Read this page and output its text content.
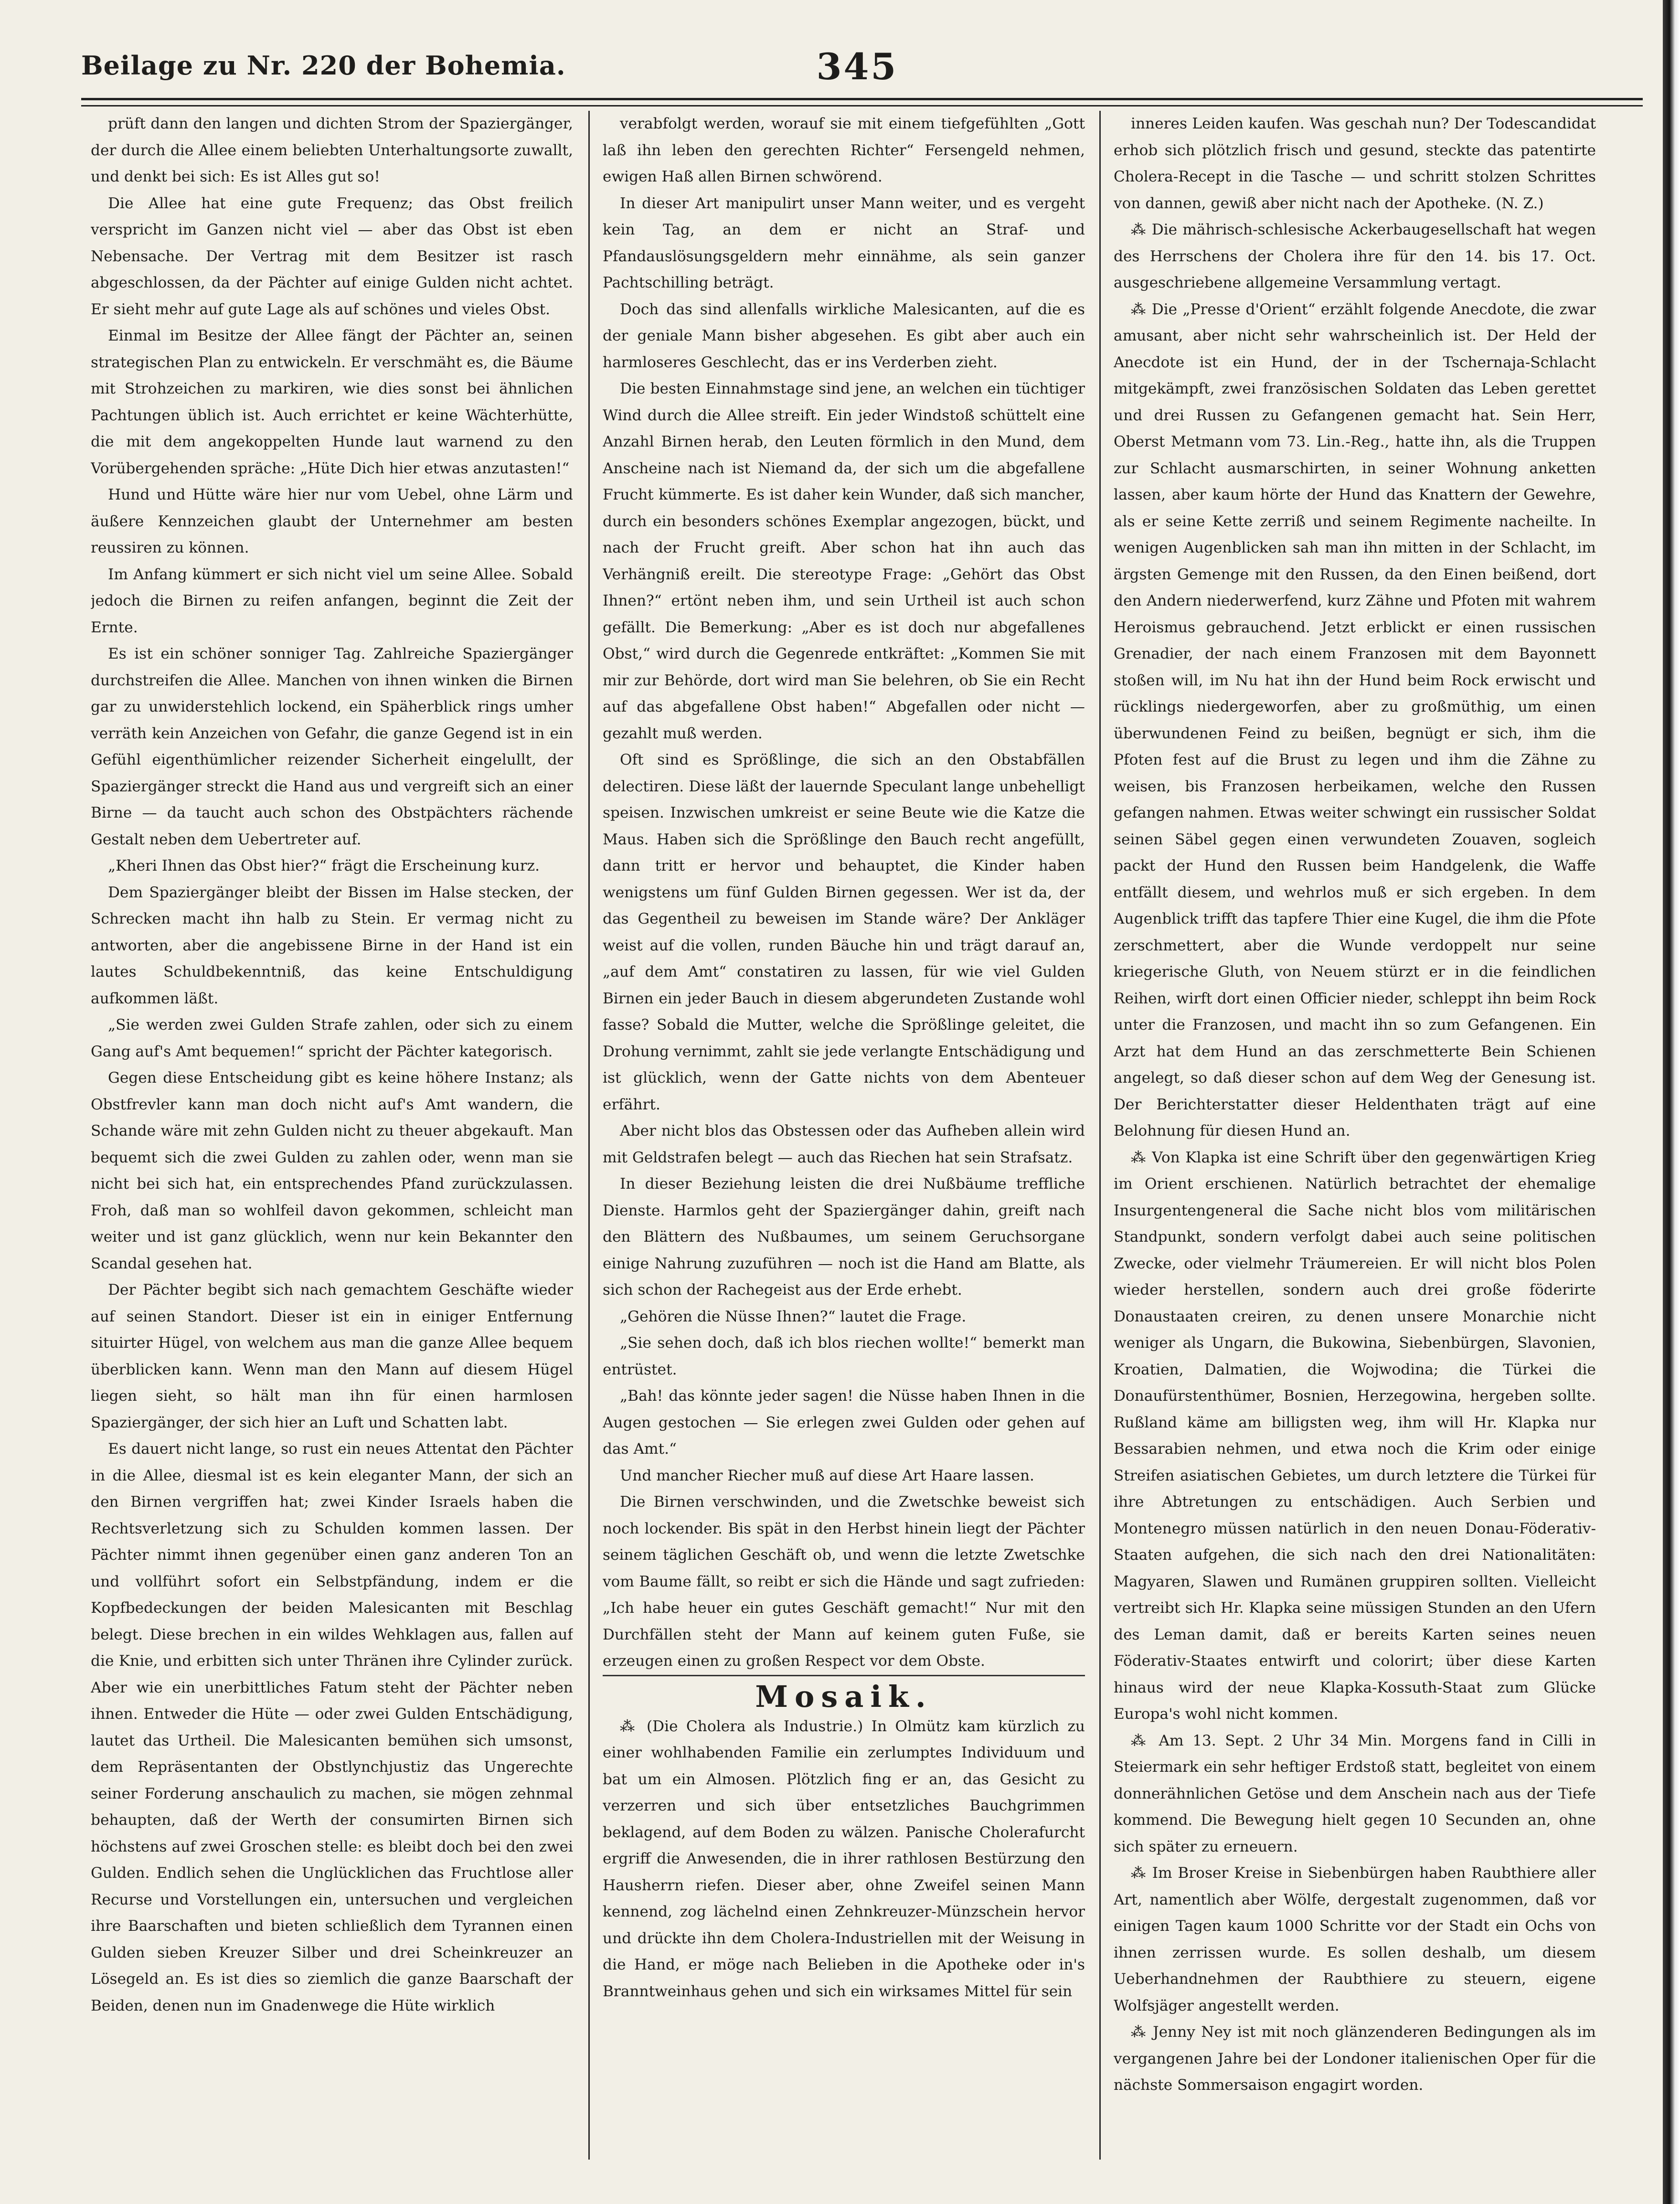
Beilage zu Nr. 220 der Bohemia.	345

prüft dann den langen und dichten Strom der Spaziergänger, der durch die Allee einem beliebten Unterhaltungsorte zuwallt, und denkt bei sich: Es ist Alles gut so!

Die Allee hat eine gute Frequenz; das Obst freilich verspricht im Ganzen nicht viel — aber das Obst ist eben Nebensache. Der Vertrag mit dem Besitzer ist rasch abgeschlossen, da der Pächter auf einige Gulden nicht achtet. Er sieht mehr auf gute Lage als auf schönes und vieles Obst.

Einmal im Besitze der Allee fängt der Pächter an, seinen strategischen Plan zu entwickeln. Er verschmäht es, die Bäume mit Strohzeichen zu markiren, wie dies sonst bei ähnlichen Pachtungen üblich ist. Auch errichtet er keine Wächterhütte, die mit dem angekoppelten Hunde laut warnend zu den Vorübergehenden spräche: „Hüte Dich hier etwas anzutasten!“

Hund und Hütte wäre hier nur vom Uebel, ohne Lärm und äußere Kennzeichen glaubt der Unternehmer am besten reussiren zu können.

Im Anfang kümmert er sich nicht viel um seine Allee. Sobald jedoch die Birnen zu reifen anfangen, beginnt die Zeit der Ernte.

Es ist ein schöner sonniger Tag. Zahlreiche Spaziergänger durchstreifen die Allee. Manchen von ihnen winken die Birnen gar zu unwiderstehlich lockend, ein Späherblick rings umher verräth kein Anzeichen von Gefahr, die ganze Gegend ist in ein Gefühl eigenthümlicher reizender Sicherheit eingelullt, der Spaziergänger streckt die Hand aus und vergreift sich an einer Birne — da taucht auch schon des Obstpächters rächende Gestalt neben dem Uebertreter auf.

„Kheri Ihnen das Obst hier?“ frägt die Erscheinung kurz.

Dem Spaziergänger bleibt der Bissen im Halse stecken, der Schrecken macht ihn halb zu Stein. Er vermag nicht zu antworten, aber die angebissene Birne in der Hand ist ein lautes Schuldbekenntniß, das keine Entschuldigung aufkommen läßt.

„Sie werden zwei Gulden Strafe zahlen, oder sich zu einem Gang auf's Amt bequemen!“ spricht der Pächter kategorisch.

Gegen diese Entscheidung gibt es keine höhere Instanz; als Obstfrevler kann man doch nicht auf's Amt wandern, die Schande wäre mit zehn Gulden nicht zu theuer abgekauft. Man bequemt sich die zwei Gulden zu zahlen oder, wenn man sie nicht bei sich hat, ein entsprechendes Pfand zurückzulassen. Froh, daß man so wohlfeil davon gekommen, schleicht man weiter und ist ganz glücklich, wenn nur kein Bekannter den Scandal gesehen hat.

Der Pächter begibt sich nach gemachtem Geschäfte wieder auf seinen Standort. Dieser ist ein in einiger Entfernung situirter Hügel, von welchem aus man die ganze Allee bequem überblicken kann. Wenn man den Mann auf diesem Hügel liegen sieht, so hält man ihn für einen harmlosen Spaziergänger, der sich hier an Luft und Schatten labt.

Es dauert nicht lange, so rust ein neues Attentat den Pächter in die Allee, diesmal ist es kein eleganter Mann, der sich an den Birnen vergriffen hat; zwei Kinder Israels haben die Rechtsverletzung sich zu Schulden kommen lassen. Der Pächter nimmt ihnen gegenüber einen ganz anderen Ton an und vollführt sofort ein Selbstpfändung, indem er die Kopfbedeckungen der beiden Malesicanten mit Beschlag belegt. Diese brechen in ein wildes Wehklagen aus, fallen auf die Knie, und erbitten sich unter Thränen ihre Cylinder zurück. Aber wie ein unerbittliches Fatum steht der Pächter neben ihnen. Entweder die Hüte — oder zwei Gulden Entschädigung, lautet das Urtheil. Die Malesicanten bemühen sich umsonst, dem Repräsentanten der Obstlynchjustiz das Ungerechte seiner Forderung anschaulich zu machen, sie mögen zehnmal behaupten, daß der Werth der consumirten Birnen sich höchstens auf zwei Groschen stelle: es bleibt doch bei den zwei Gulden. Endlich sehen die Unglücklichen das Fruchtlose aller Recurse und Vorstellungen ein, untersuchen und vergleichen ihre Baarschaften und bieten schließlich dem Tyrannen einen Gulden sieben Kreuzer Silber und drei Scheinkreuzer an Lösegeld an. Es ist dies so ziemlich die ganze Baarschaft der Beiden, denen nun im Gnadenwege die Hüte wirklich

verabfolgt werden, worauf sie mit einem tiefgefühlten „Gott laß ihn leben den gerechten Richter“ Fersengeld nehmen, ewigen Haß allen Birnen schwörend.

In dieser Art manipulirt unser Mann weiter, und es vergeht kein Tag, an dem er nicht an Straf- und Pfandauslösungsgeldern mehr einnähme, als sein ganzer Pachtschilling beträgt.

Doch das sind allenfalls wirkliche Malesicanten, auf die es der geniale Mann bisher abgesehen. Es gibt aber auch ein harmloseres Geschlecht, das er ins Verderben zieht.

Die besten Einnahmstage sind jene, an welchen ein tüchtiger Wind durch die Allee streift. Ein jeder Windstoß schüttelt eine Anzahl Birnen herab, den Leuten förmlich in den Mund, dem Anscheine nach ist Niemand da, der sich um die abgefallene Frucht kümmerte. Es ist daher kein Wunder, daß sich mancher, durch ein besonders schönes Exemplar angezogen, bückt, und nach der Frucht greift. Aber schon hat ihn auch das Verhängniß ereilt. Die stereotype Frage: „Gehört das Obst Ihnen?“ ertönt neben ihm, und sein Urtheil ist auch schon gefällt. Die Bemerkung: „Aber es ist doch nur abgefallenes Obst,“ wird durch die Gegenrede entkräftet: „Kommen Sie mit mir zur Behörde, dort wird man Sie belehren, ob Sie ein Recht auf das abgefallene Obst haben!“ Abgefallen oder nicht — gezahlt muß werden.

Oft sind es Sprößlinge, die sich an den Obstabfällen delectiren. Diese läßt der lauernde Speculant lange unbehelligt speisen. Inzwischen umkreist er seine Beute wie die Katze die Maus. Haben sich die Sprößlinge den Bauch recht angefüllt, dann tritt er hervor und behauptet, die Kinder haben wenigstens um fünf Gulden Birnen gegessen. Wer ist da, der das Gegentheil zu beweisen im Stande wäre? Der Ankläger weist auf die vollen, runden Bäuche hin und trägt darauf an, „auf dem Amt“ constatiren zu lassen, für wie viel Gulden Birnen ein jeder Bauch in diesem abgerundeten Zustande wohl fasse? Sobald die Mutter, welche die Sprößlinge geleitet, die Drohung vernimmt, zahlt sie jede verlangte Entschädigung und ist glücklich, wenn der Gatte nichts von dem Abenteuer erfährt.

Aber nicht blos das Obstessen oder das Aufheben allein wird mit Geldstrafen belegt — auch das Riechen hat sein Strafsatz.

In dieser Beziehung leisten die drei Nußbäume treffliche Dienste. Harmlos geht der Spaziergänger dahin, greift nach den Blättern des Nußbaumes, um seinem Geruchsorgane einige Nahrung zuzuführen — noch ist die Hand am Blatte, als sich schon der Rachegeist aus der Erde erhebt.

„Gehören die Nüsse Ihnen?“ lautet die Frage.

„Sie sehen doch, daß ich blos riechen wollte!“ bemerkt man entrüstet.

„Bah! das könnte jeder sagen! die Nüsse haben Ihnen in die Augen gestochen — Sie erlegen zwei Gulden oder gehen auf das Amt.“

Und mancher Riecher muß auf diese Art Haare lassen.

Die Birnen verschwinden, und die Zwetschke beweist sich noch lockender. Bis spät in den Herbst hinein liegt der Pächter seinem täglichen Geschäft ob, und wenn die letzte Zwetschke vom Baume fällt, so reibt er sich die Hände und sagt zufrieden: „Ich habe heuer ein gutes Geschäft gemacht!“ Nur mit den Durchfällen steht der Mann auf keinem guten Fuße, sie erzeugen einen zu großen Respect vor dem Obste.

Mosaik.

⁂ (Die Cholera als Industrie.) In Olmütz kam kürzlich zu einer wohlhabenden Familie ein zerlumptes Individuum und bat um ein Almosen. Plötzlich fing er an, das Gesicht zu verzerren und sich über entsetzliches Bauchgrimmen beklagend, auf dem Boden zu wälzen. Panische Cholerafurcht ergriff die Anwesenden, die in ihrer rathlosen Bestürzung den Hausherrn riefen. Dieser aber, ohne Zweifel seinen Mann kennend, zog lächelnd einen Zehnkreuzer-Münzschein hervor und drückte ihn dem Cholera-Industriellen mit der Weisung in die Hand, er möge nach Belieben in die Apotheke oder in's Branntweinhaus gehen und sich ein wirksames Mittel für sein

inneres Leiden kaufen. Was geschah nun? Der Todescandidat erhob sich plötzlich frisch und gesund, steckte das patentirte Cholera-Recept in die Tasche — und schritt stolzen Schrittes von dannen, gewiß aber nicht nach der Apotheke. (N. Z.)

⁂ Die mährisch-schlesische Ackerbaugesellschaft hat wegen des Herrschens der Cholera ihre für den 14. bis 17. Oct. ausgeschriebene allgemeine Versammlung vertagt.

⁂ Die „Presse d'Orient“ erzählt folgende Anecdote, die zwar amusant, aber nicht sehr wahrscheinlich ist. Der Held der Anecdote ist ein Hund, der in der Tschernaja-Schlacht mitgekämpft, zwei französischen Soldaten das Leben gerettet und drei Russen zu Gefangenen gemacht hat. Sein Herr, Oberst Metmann vom 73. Lin.-Reg., hatte ihn, als die Truppen zur Schlacht ausmarschirten, in seiner Wohnung anketten lassen, aber kaum hörte der Hund das Knattern der Gewehre, als er seine Kette zerriß und seinem Regimente nacheilte. In wenigen Augenblicken sah man ihn mitten in der Schlacht, im ärgsten Gemenge mit den Russen, da den Einen beißend, dort den Andern niederwerfend, kurz Zähne und Pfoten mit wahrem Heroismus gebrauchend. Jetzt erblickt er einen russischen Grenadier, der nach einem Franzosen mit dem Bayonnett stoßen will, im Nu hat ihn der Hund beim Rock erwischt und rücklings niedergeworfen, aber zu großmüthig, um einen überwundenen Feind zu beißen, begnügt er sich, ihm die Pfoten fest auf die Brust zu legen und ihm die Zähne zu weisen, bis Franzosen herbeikamen, welche den Russen gefangen nahmen. Etwas weiter schwingt ein russischer Soldat seinen Säbel gegen einen verwundeten Zouaven, sogleich packt der Hund den Russen beim Handgelenk, die Waffe entfällt diesem, und wehrlos muß er sich ergeben. In dem Augenblick trifft das tapfere Thier eine Kugel, die ihm die Pfote zerschmettert, aber die Wunde verdoppelt nur seine kriegerische Gluth, von Neuem stürzt er in die feindlichen Reihen, wirft dort einen Officier nieder, schleppt ihn beim Rock unter die Franzosen, und macht ihn so zum Gefangenen. Ein Arzt hat dem Hund an das zerschmetterte Bein Schienen angelegt, so daß dieser schon auf dem Weg der Genesung ist. Der Berichterstatter dieser Heldenthaten trägt auf eine Belohnung für diesen Hund an.

⁂ Von Klapka ist eine Schrift über den gegenwärtigen Krieg im Orient erschienen. Natürlich betrachtet der ehemalige Insurgentengeneral die Sache nicht blos vom militärischen Standpunkt, sondern verfolgt dabei auch seine politischen Zwecke, oder vielmehr Träumereien. Er will nicht blos Polen wieder herstellen, sondern auch drei große föderirte Donaustaaten creiren, zu denen unsere Monarchie nicht weniger als Ungarn, die Bukowina, Siebenbürgen, Slavonien, Kroatien, Dalmatien, die Wojwodina; die Türkei die Donaufürstenthümer, Bosnien, Herzegowina, hergeben sollte. Rußland käme am billigsten weg, ihm will Hr. Klapka nur Bessarabien nehmen, und etwa noch die Krim oder einige Streifen asiatischen Gebietes, um durch letztere die Türkei für ihre Abtretungen zu entschädigen. Auch Serbien und Montenegro müssen natürlich in den neuen Donau-Föderativ-Staaten aufgehen, die sich nach den drei Nationalitäten: Magyaren, Slawen und Rumänen gruppiren sollten. Vielleicht vertreibt sich Hr. Klapka seine müssigen Stunden an den Ufern des Leman damit, daß er bereits Karten seines neuen Föderativ-Staates entwirft und colorirt; über diese Karten hinaus wird der neue Klapka-Kossuth-Staat zum Glücke Europa's wohl nicht kommen.

⁂ Am 13. Sept. 2 Uhr 34 Min. Morgens fand in Cilli in Steiermark ein sehr heftiger Erdstoß statt, begleitet von einem donnerähnlichen Getöse und dem Anschein nach aus der Tiefe kommend. Die Bewegung hielt gegen 10 Secunden an, ohne sich später zu erneuern.

⁂ Im Broser Kreise in Siebenbürgen haben Raubthiere aller Art, namentlich aber Wölfe, dergestalt zugenommen, daß vor einigen Tagen kaum 1000 Schritte vor der Stadt ein Ochs von ihnen zerrissen wurde. Es sollen deshalb, um diesem Ueberhandnehmen der Raubthiere zu steuern, eigene Wolfsjäger angestellt werden.

⁂ Jenny Ney ist mit noch glänzenderen Bedingungen als im vergangenen Jahre bei der Londoner italienischen Oper für die nächste Sommersaison engagirt worden.
